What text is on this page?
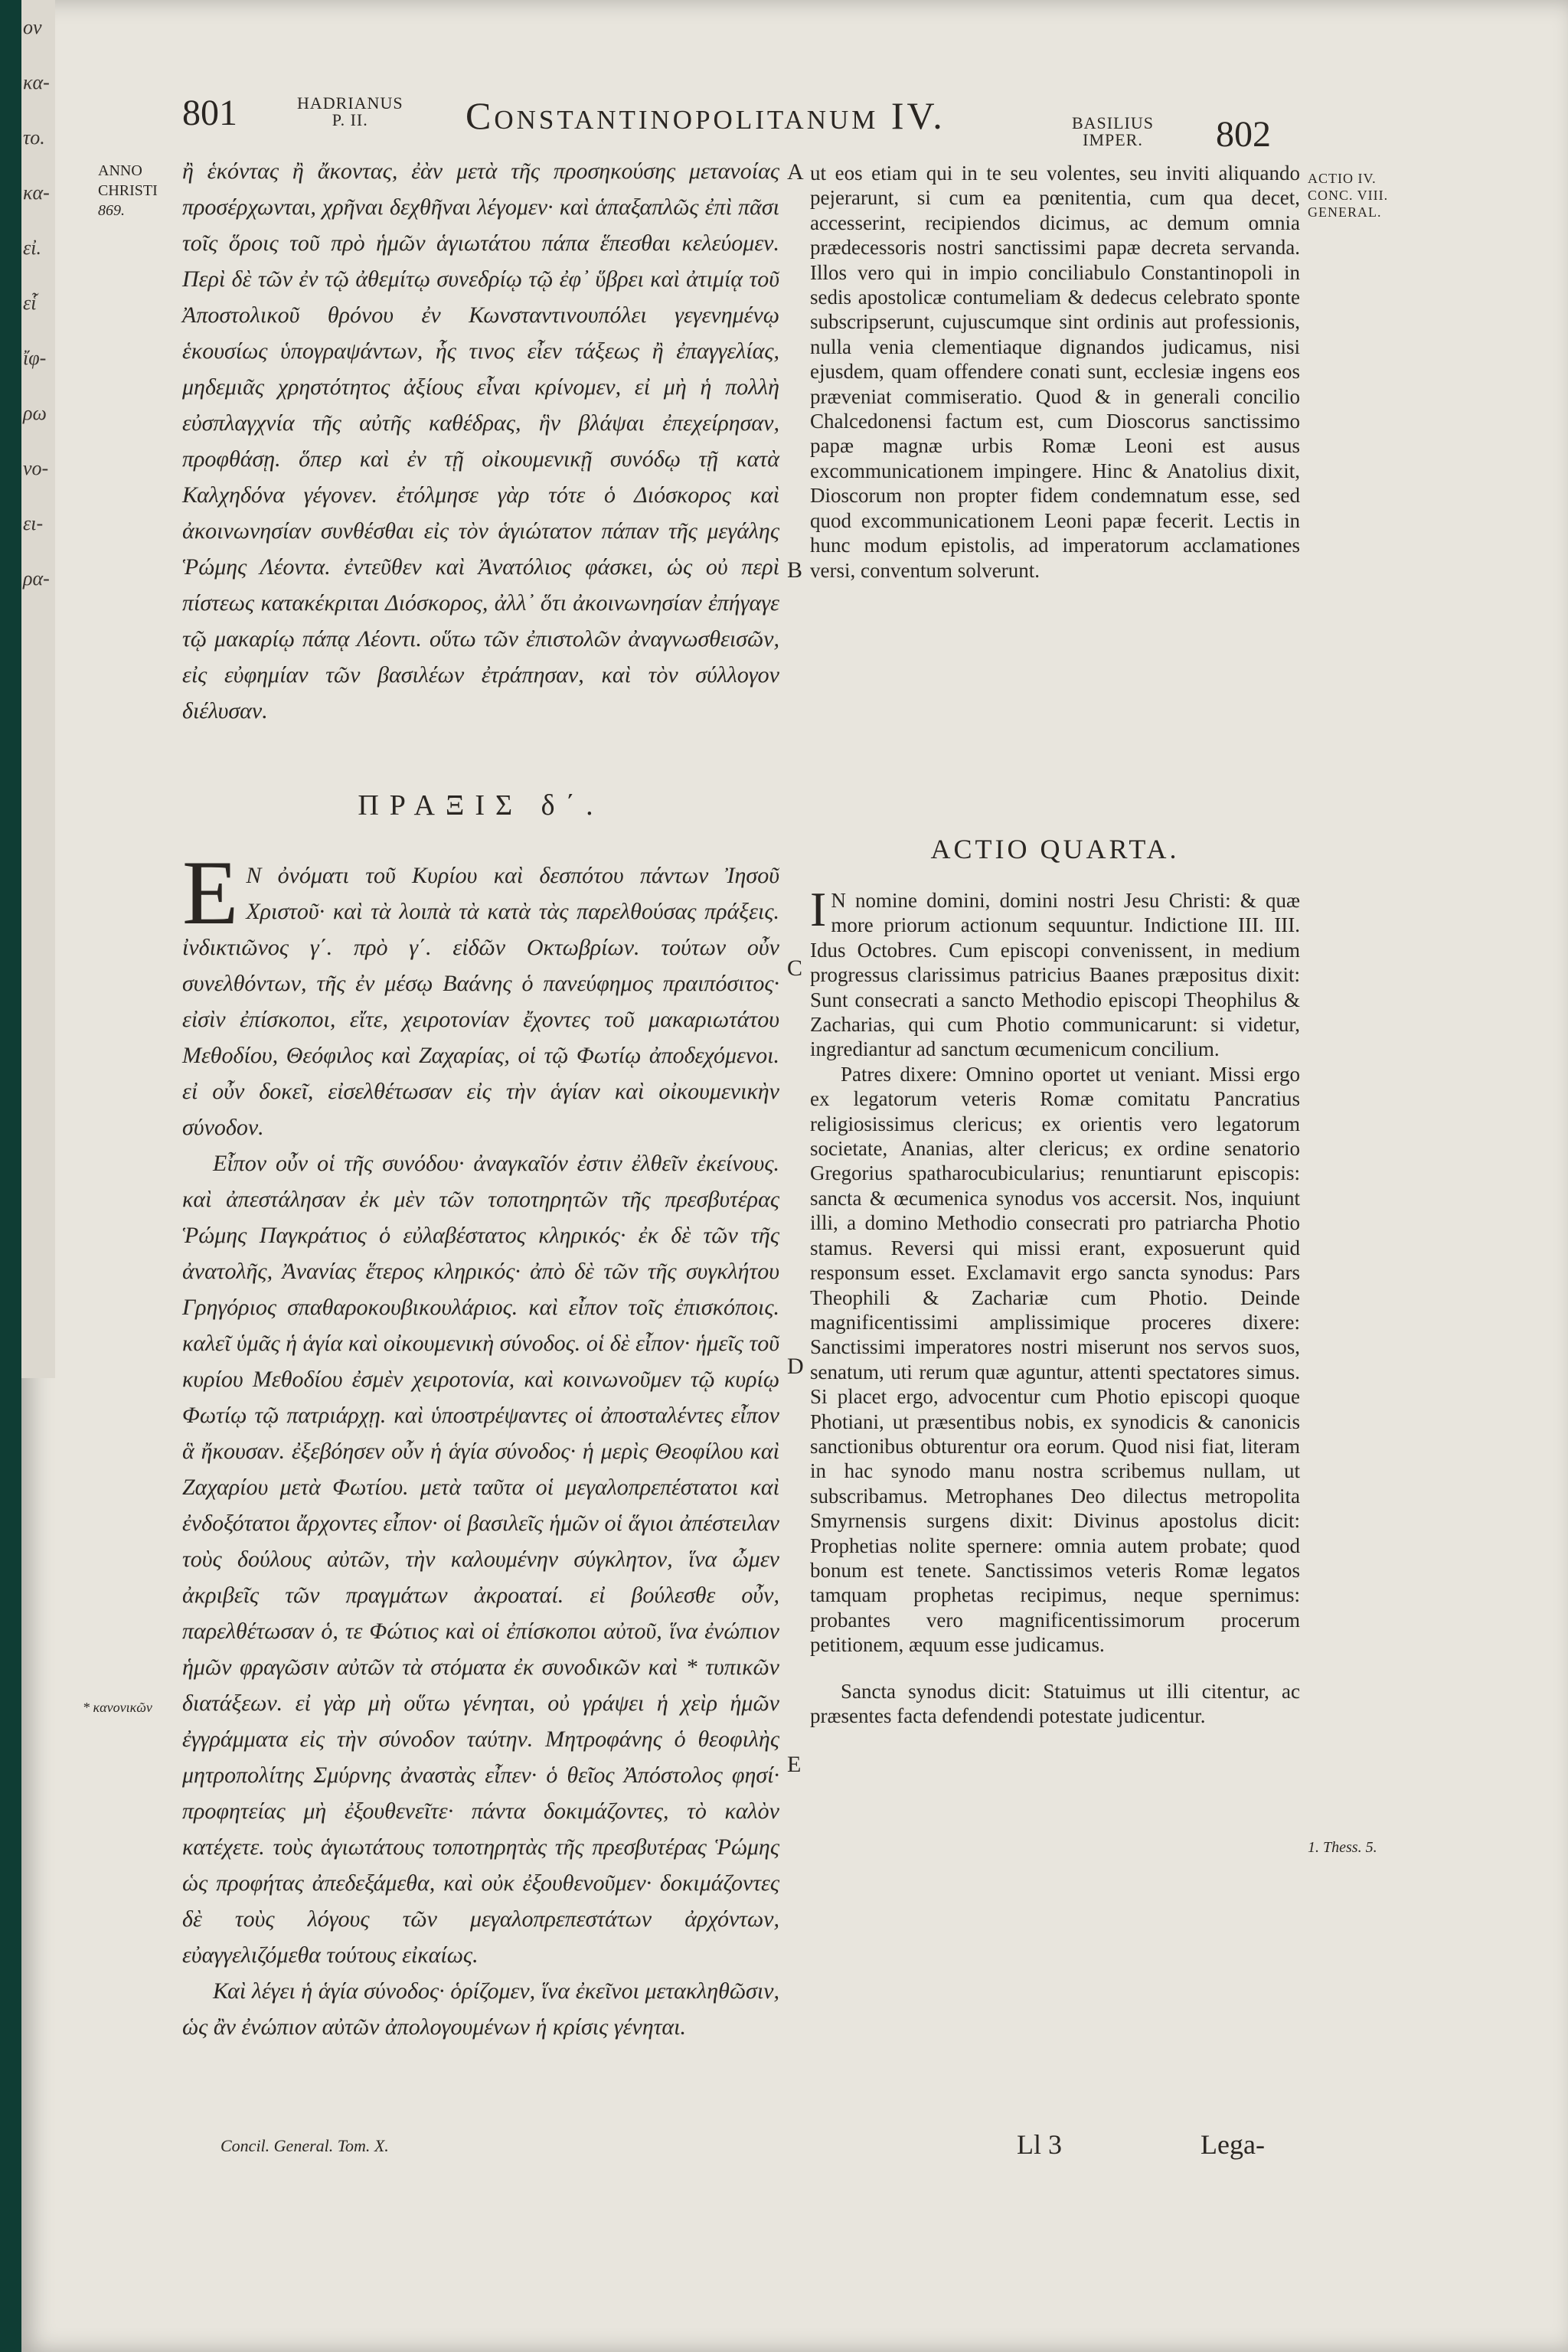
ον
κα-
το.
κα-
εἰ.
εἷ
ἴφ-
ρω
νο-
ει-
ρα-
801	HADRIANUS
P. II.	Constantinopolitanum IV.	BASILIUS
IMPER. 802
ANNO
CHRISTI
869.
ACTIO IV.
CONC. VIII.
GENERAL.
A
B
C
D
E

ἢ ἑκόντας ἢ ἄκοντας, ἐὰν μετὰ τῆς προσηκούσης μετανοίας προσέρχωνται, χρῆναι δεχθῆναι λέγομεν· καὶ ἁπαξαπλῶς ἐπὶ πᾶσι τοῖς ὅροις τοῦ πρὸ ἡμῶν ἁγιωτάτου πάπα ἕπεσθαι κελεύομεν. Περὶ δὲ τῶν ἐν τῷ ἀθεμίτῳ συνεδρίῳ τῷ ἐφ᾽ ὕβρει καὶ ἀτιμίᾳ τοῦ Ἀποστολικοῦ θρόνου ἐν Κωνσταντινουπόλει γεγενημένῳ ἑκουσίως ὑπογραψάντων, ἧς τινος εἶεν τάξεως ἢ ἐπαγγελίας, μηδεμιᾶς χρηστότητος ἀξίους εἶναι κρίνομεν, εἰ μὴ ἡ πολλὴ εὐσπλαγχνία τῆς αὐτῆς καθέδρας, ἣν βλάψαι ἐπεχείρησαν, προφθάσῃ. ὅπερ καὶ ἐν τῇ οἰκουμενικῇ συνόδῳ τῇ κατὰ Καλχηδόνα γέγονεν. ἐτόλμησε γὰρ τότε ὁ Διόσκορος καὶ ἀκοινωνησίαν συνθέσθαι εἰς τὸν ἁγιώτατον πάπαν τῆς μεγάλης Ῥώμης Λέοντα. ἐντεῦθεν καὶ Ἀνατόλιος φάσκει, ὡς οὐ περὶ πίστεως κατακέκριται Διόσκορος, ἀλλ᾽ ὅτι ἀκοινωνησίαν ἐπήγαγε τῷ μακαρίῳ πάπᾳ Λέοντι. οὕτω τῶν ἐπιστολῶν ἀναγνωσθεισῶν, εἰς εὐφημίαν τῶν βασιλέων ἐτράπησαν, καὶ τὸν σύλλογον διέλυσαν.

ΠΡΑΞΙΣ δ΄.

Ε Ν ὀνόματι τοῦ Κυρίου καὶ δεσπότου πάντων Ἰησοῦ Χριστοῦ· καὶ τὰ λοιπὰ τὰ κατὰ τὰς παρελθούσας πράξεις. ἰνδικτιῶνος γ΄. πρὸ γ΄. εἰδῶν Οκτωβρίων. τούτων οὖν συνελθόντων, τῆς ἐν μέσῳ Βαάνης ὁ πανεύφημος πραιπόσιτος· εἰσὶν ἐπίσκοποι, εἴτε, χειροτονίαν ἔχοντες τοῦ μακαριωτάτου Μεθοδίου, Θεόφιλος καὶ Ζαχαρίας, οἱ τῷ Φωτίῳ ἀποδεχόμενοι. εἰ οὖν δοκεῖ, εἰσελθέτωσαν εἰς τὴν ἁγίαν καὶ οἰκουμενικὴν σύνοδον.

Εἶπον οὖν οἱ τῆς συνόδου· ἀναγκαῖόν ἐστιν ἐλθεῖν ἐκείνους. καὶ ἀπεστάλησαν ἐκ μὲν τῶν τοποτηρητῶν τῆς πρεσβυτέρας Ῥώμης Παγκράτιος ὁ εὐλαβέστατος κληρικός· ἐκ δὲ τῶν τῆς ἀνατολῆς, Ἀνανίας ἕτερος κληρικός· ἀπὸ δὲ τῶν τῆς συγκλήτου Γρηγόριος σπαθαροκουβικουλάριος. καὶ εἶπον τοῖς ἐπισκόποις. καλεῖ ὑμᾶς ἡ ἁγία καὶ οἰκουμενικὴ σύνοδος. οἱ δὲ εἶπον· ἡμεῖς τοῦ κυρίου Μεθοδίου ἐσμὲν χειροτονία, καὶ κοινωνοῦμεν τῷ κυρίῳ Φωτίῳ τῷ πατριάρχῃ. καὶ ὑποστρέψαντες οἱ ἀποσταλέντες εἶπον ἃ ἤκουσαν. ἐξεβόησεν οὖν ἡ ἁγία σύνοδος· ἡ μερὶς Θεοφίλου καὶ Ζαχαρίου μετὰ Φωτίου. μετὰ ταῦτα οἱ μεγαλοπρεπέστατοι καὶ ἐνδοξότατοι ἄρχοντες εἶπον· οἱ βασιλεῖς ἡμῶν οἱ ἅγιοι ἀπέστειλαν τοὺς δούλους αὐτῶν, τὴν καλουμένην σύγκλητον, ἵνα ὦμεν ἀκριβεῖς τῶν πραγμάτων ἀκροαταί. εἰ βούλεσθε οὖν, παρελθέτωσαν ὁ, τε Φώτιος καὶ οἱ ἐπίσκοποι αὐτοῦ, ἵνα ἐνώπιον ἡμῶν φραγῶσιν αὐτῶν τὰ στόματα ἐκ συνοδικῶν καὶ * τυπικῶν διατάξεων. εἰ γὰρ μὴ οὕτω γένηται, οὐ γράψει ἡ χεὶρ ἡμῶν ἐγγράμματα εἰς τὴν σύνοδον ταύτην. Μητροφάνης ὁ θεοφιλὴς μητροπολίτης Σμύρνης ἀναστὰς εἶπεν· ὁ θεῖος Ἀπόστολος φησί· προφητείας μὴ ἐξουθενεῖτε· πάντα δοκιμάζοντες, τὸ καλὸν κατέχετε. τοὺς ἁγιωτάτους τοποτηρητὰς τῆς πρεσβυτέρας Ῥώμης ὡς προφήτας ἀπεδεξάμεθα, καὶ οὐκ ἐξουθενοῦμεν· δοκιμάζοντες δὲ τοὺς λόγους τῶν μεγαλοπρεπεστάτων ἀρχόντων, εὐαγγελιζόμεθα τούτους εἰκαίως.

Καὶ λέγει ἡ ἁγία σύνοδος· ὁρίζομεν, ἵνα ἐκεῖνοι μετακληθῶσιν, ὡς ἂν ἐνώπιον αὐτῶν ἀπολογουμένων ἡ κρίσις γένηται.

ut eos etiam qui in te seu volentes, seu inviti aliquando pejerarunt, si cum ea pœnitentia, cum qua decet, accesserint, recipiendos dicimus, ac demum omnia prædecessoris nostri sanctissimi papæ decreta servanda. Illos vero qui in impio conciliabulo Constantinopoli in sedis apostolicæ contumeliam & dedecus celebrato sponte subscripserunt, cujuscumque sint ordinis aut professionis, nulla venia clementiaque dignandos judicamus, nisi ejusdem, quam offendere conati sunt, ecclesiæ ingens eos præveniat commiseratio. Quod & in generali concilio Chalcedonensi factum est, cum Dioscorus sanctissimo papæ magnæ urbis Romæ Leoni est ausus excommunicationem impingere. Hinc & Anatolius dixit, Dioscorum non propter fidem condemnatum esse, sed quod excommunicationem Leoni papæ fecerit. Lectis in hunc modum epistolis, ad imperatorum acclamationes versi, conventum solverunt.

ACTIO QUARTA.

I N nomine domini, domini nostri Jesu Christi: & quæ more priorum actionum sequuntur. Indictione III. III. Idus Octobres. Cum episcopi convenissent, in medium progressus clarissimus patricius Baanes præpositus dixit: Sunt consecrati a sancto Methodio episcopi Theophilus & Zacharias, qui cum Photio communicarunt: si videtur, ingrediantur ad sanctum œcumenicum concilium.

Patres dixere: Omnino oportet ut veniant. Missi ergo ex legatorum veteris Romæ comitatu Pancratius religiosissimus clericus; ex orientis vero legatorum societate, Ananias, alter clericus; ex ordine senatorio Gregorius spatharocubicularius; renuntiarunt episcopis: sancta & œcumenica synodus vos accersit. Nos, inquiunt illi, a domino Methodio consecrati pro patriarcha Photio stamus. Reversi qui missi erant, exposuerunt quid responsum esset. Exclamavit ergo sancta synodus: Pars Theophili & Zachariæ cum Photio. Deinde magnificentissimi amplissimique proceres dixere: Sanctissimi imperatores nostri miserunt nos servos suos, senatum, uti rerum quæ aguntur, attenti spectatores simus. Si placet ergo, advocentur cum Photio episcopi quoque Photiani, ut præsentibus nobis, ex synodicis & canonicis sanctionibus obturentur ora eorum. Quod nisi fiat, literam in hac synodo manu nostra scribemus nullam, ut subscribamus. Metrophanes Deo dilectus metropolita Smyrnensis surgens dixit: Divinus apostolus dicit: Prophetias nolite spernere: omnia autem probate; quod bonum est tenete. Sanctissimos veteris Romæ legatos tamquam prophetas recipimus, neque spernimus: probantes vero magnificentissimorum procerum petitionem, æquum esse judicamus.

Sancta synodus dicit: Statuimus ut illi citentur, ac præsentes facta defendendi potestate judicentur.

* κανονικῶν
1. Thess. 5.
Concil. General. Tom. X.	Ll 3	Lega-
